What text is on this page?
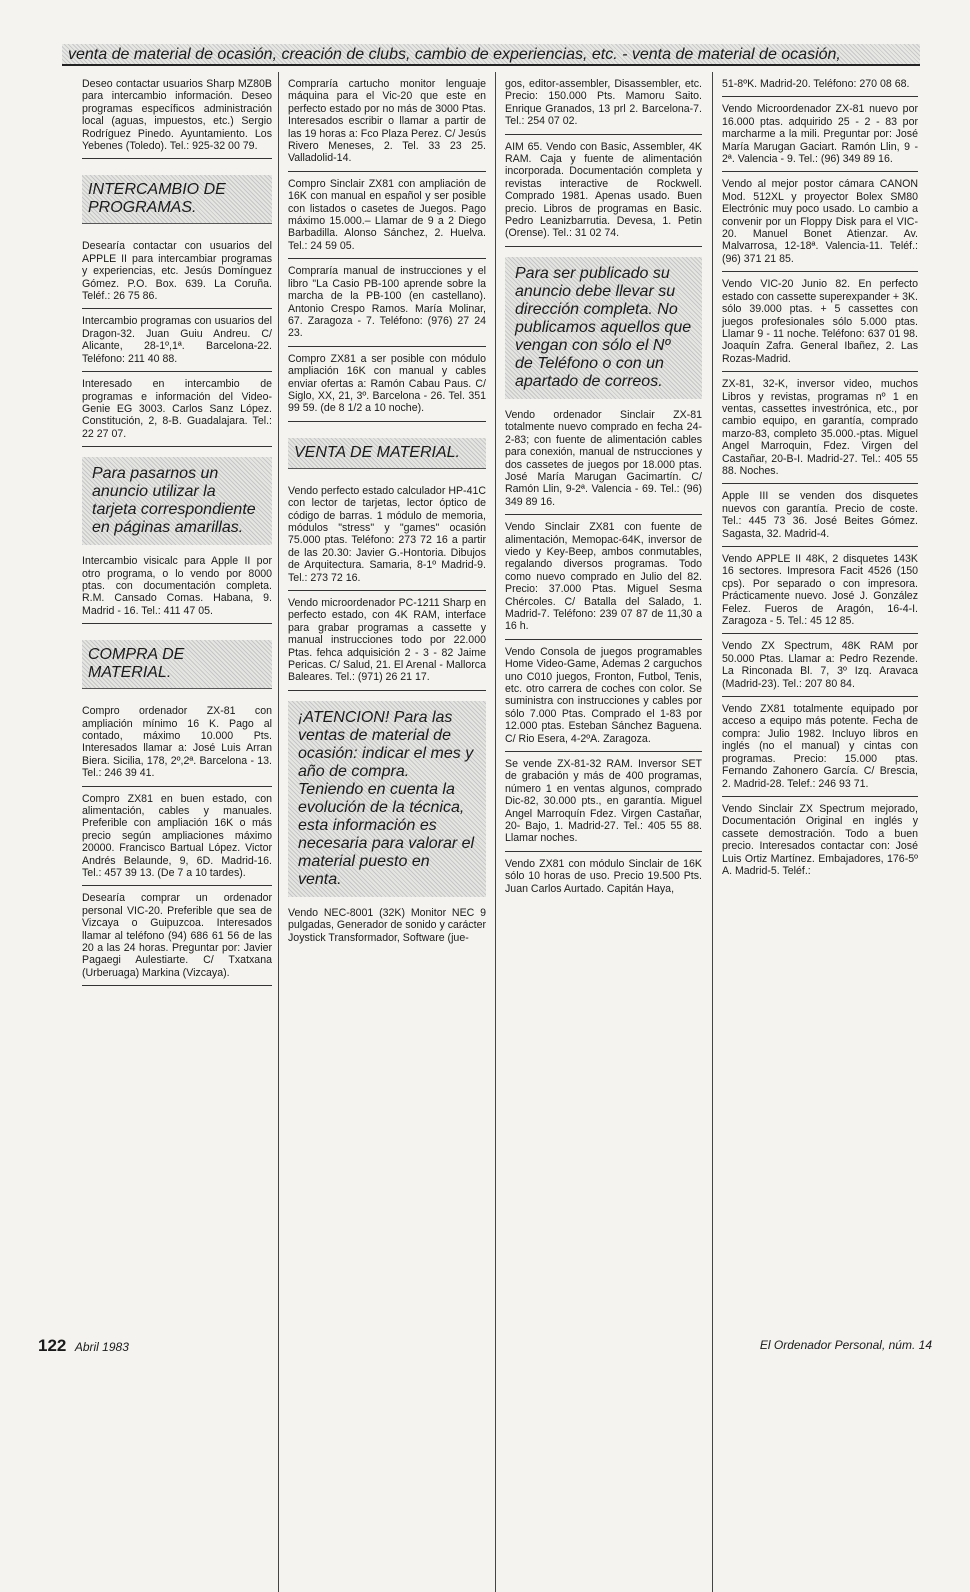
venta de material de ocasión, creación de clubs, cambio de experiencias, etc. - venta de material de ocasión,
Deseo contactar usuarios Sharp MZ80B para intercambio información. Deseo programas específicos administración local (aguas, impuestos, etc.) Sergio Rodríguez Pinedo. Ayuntamiento. Los Yebenes (Toledo). Tel.: 925-32 00 79.
INTERCAMBIO DE PROGRAMAS.
Desearía contactar con usuarios del APPLE II para intercambiar programas y experiencias, etc. Jesús Domínguez Gómez. P.O. Box. 639. La Coruña. Teléf.: 26 75 86.
Intercambio programas con usuarios del Dragon-32. Juan Guiu Andreu. C/ Alicante, 28-1º,1ª. Barcelona-22. Teléfono: 211 40 88.
Interesado en intercambio de programas e información del Video-Genie EG 3003. Carlos Sanz López. Constitución, 2, 8-B. Guadalajara. Tel.: 22 27 07.
Para pasarnos un anuncio utilizar la tarjeta correspondiente en páginas amarillas.
Intercambio visicalc para Apple II por otro programa, o lo vendo por 8000 ptas. con documentación completa. R.M. Cansado Comas. Habana, 9. Madrid - 16. Tel.: 411 47 05.
COMPRA DE MATERIAL.
Compro ordenador ZX-81 con ampliación mínimo 16 K. Pago al contado, máximo 10.000 Pts. Interesados llamar a: José Luis Arran Biera. Sicilia, 178, 2º,2ª. Barcelona - 13. Tel.: 246 39 41.
Compro ZX81 en buen estado, con alimentación, cables y manuales. Preferible con ampliación 16K o más precio según ampliaciones máximo 20000. Francisco Bartual López. Victor Andrés Belaunde, 9, 6D. Madrid-16. Tel.: 457 39 13. (De 7 a 10 tardes).
Desearía comprar un ordenador personal VIC-20. Preferible que sea de Vizcaya o Guipuzcoa. Interesados llamar al teléfono (94) 686 61 56 de las 20 a las 24 horas. Preguntar por: Javier Pagaegi Aulestiarte. C/ Txatxana (Urberuaga) Markina (Vizcaya).
Compraría cartucho monitor lenguaje máquina para el Vic-20 que este en perfecto estado por no más de 3000 Ptas. Interesados escribir o llamar a partir de las 19 horas a: Fco Plaza Perez. C/ Jesús Rivero Meneses, 2. Tel. 33 23 25. Valladolid-14.
Compro Sinclair ZX81 con ampliación de 16K con manual en español y ser posible con listados o casetes de Juegos. Pago máximo 15.000.– Llamar de 9 a 2 Diego Barbadilla. Alonso Sánchez, 2. Huelva. Tel.: 24 59 05.
Compraría manual de instrucciones y el libro "La Casio PB-100 aprende sobre la marcha de la PB-100 (en castellano). Antonio Crespo Ramos. María Molinar, 67. Zaragoza - 7. Teléfono: (976) 27 24 23.
Compro ZX81 a ser posible con módulo ampliación 16K con manual y cables enviar ofertas a: Ramón Cabau Paus. C/ Siglo, XX, 21, 3º. Barcelona - 26. Tel. 351 99 59. (de 8 1/2 a 10 noche).
VENTA DE MATERIAL.
Vendo perfecto estado calculador HP-41C con lector de tarjetas, lector óptico de código de barras. 1 módulo de memoria, módulos "stress" y "games" ocasión 75.000 ptas. Teléfono: 273 72 16 a partir de las 20.30: Javier G.-Hontoria. Dibujos de Arquitectura. Samaria, 8-1º Madrid-9. Tel.: 273 72 16.
Vendo microordenador PC-1211 Sharp en perfecto estado, con 4K RAM, interface para grabar programas a cassette y manual instrucciones todo por 22.000 Ptas. fehca adquisición 2 - 3 - 82 Jaime Pericas. C/ Salud, 21. El Arenal - Mallorca Baleares. Tel.: (971) 26 21 17.
¡ATENCION! Para las ventas de material de ocasión: indicar el mes y año de compra. Teniendo en cuenta la evolución de la técnica, esta información es necesaria para valorar el material puesto en venta.
Vendo NEC-8001 (32K) Monitor NEC 9 pulgadas, Generador de sonido y carácter Joystick Transformador, Software (jue-
gos, editor-assembler, Disassembler, etc. Precio: 150.000 Pts. Mamoru Saito. Enrique Granados, 13 prl 2. Barcelona-7. Tel.: 254 07 02.
AIM 65. Vendo con Basic, Assembler, 4K RAM. Caja y fuente de alimentación incorporada. Documentación completa y revistas interactive de Rockwell. Comprado 1981. Apenas usado. Buen precio. Libros de programas en Basic. Pedro Leanizbarrutia. Devesa, 1. Petin (Orense). Tel.: 31 02 74.
Para ser publicado su anuncio debe llevar su dirección completa. No publicamos aquellos que vengan con sólo el Nº de Teléfono o con un apartado de correos.
Vendo ordenador Sinclair ZX-81 totalmente nuevo comprado en fecha 24-2-83; con fuente de alimentación cables para conexión, manual de nstrucciones y dos cassetes de juegos por 18.000 ptas. José María Marugan Gacimartín. C/ Ramón Llin, 9-2ª. Valencia - 69. Tel.: (96) 349 89 16.
Vendo Sinclair ZX81 con fuente de alimentación, Memopac-64K, inversor de viedo y Key-Beep, ambos conmutables, regalando diversos programas. Todo como nuevo comprado en Julio del 82. Precio: 37.000 Ptas. Miguel Sesma Chércoles. C/ Batalla del Salado, 1. Madrid-7. Teléfono: 239 07 87 de 11,30 a 16 h.
Vendo Consola de juegos programables Home Video-Game, Ademas 2 carguchos uno C010 juegos, Fronton, Futbol, Tenis, etc. otro carrera de coches con color. Se suministra con instrucciones y cables por sólo 7.000 Ptas. Comprado el 1-83 por 12.000 ptas. Esteban Sánchez Baguena. C/ Rio Esera, 4-2ºA. Zaragoza.
Se vende ZX-81-32 RAM. Inversor SET de grabación y más de 400 programas, número 1 en ventas algunos, comprado Dic-82, 30.000 pts., en garantía. Miguel Angel Marroquín Fdez. Virgen Castañar, 20- Bajo, 1. Madrid-27. Tel.: 405 55 88. Llamar noches.
Vendo ZX81 con módulo Sinclair de 16K sólo 10 horas de uso. Precio 19.500 Pts. Juan Carlos Aurtado. Capitán Haya,
51-8ºK. Madrid-20. Teléfono: 270 08 68.
Vendo Microordenador ZX-81 nuevo por 16.000 ptas. adquirido 25 - 2 - 83 por marcharme a la mili. Preguntar por: José María Marugan Gaciart. Ramón Llin, 9 - 2ª. Valencia - 9. Tel.: (96) 349 89 16.
Vendo al mejor postor cámara CANON Mod. 512XL y proyector Bolex SM80 Electrónic muy poco usado. Lo cambio a convenir por un Floppy Disk para el VIC-20. Manuel Bonet Atienzar. Av. Malvarrosa, 12-18ª. Valencia-11. Teléf.: (96) 371 21 85.
Vendo VIC-20 Junio 82. En perfecto estado con cassette superexpander + 3K. sólo 39.000 ptas. + 5 cassettes con juegos profesionales sólo 5.000 ptas. Llamar 9 - 11 noche. Teléfono: 637 01 98. Joaquín Zafra. General Ibañez, 2. Las Rozas-Madrid.
ZX-81, 32-K, inversor video, muchos Libros y revistas, programas nº 1 en ventas, cassettes investrónica, etc., por cambio equipo, en garantía, comprado marzo-83, completo 35.000.-ptas. Miguel Angel Marroquin, Fdez. Virgen del Castañar, 20-B-I. Madrid-27. Tel.: 405 55 88. Noches.
Apple III se venden dos disquetes nuevos con garantía. Precio de coste. Tel.: 445 73 36. José Beites Gómez. Sagasta, 32. Madrid-4.
Vendo APPLE II 48K, 2 disquetes 143K 16 sectores. Impresora Facit 4526 (150 cps). Por separado o con impresora. Prácticamente nuevo. José J. González Felez. Fueros de Aragón, 16-4-I. Zaragoza - 5. Tel.: 45 12 85.
Vendo ZX Spectrum, 48K RAM por 50.000 Ptas. Llamar a: Pedro Rezende. La Rinconada Bl. 7, 3º Izq. Aravaca (Madrid-23). Tel.: 207 80 84.
Vendo ZX81 totalmente equipado por acceso a equipo más potente. Fecha de compra: Julio 1982. Incluyo libros en inglés (no el manual) y cintas con programas. Precio: 15.000 ptas. Fernando Zahonero García. C/ Brescia, 2. Madrid-28. Telef.: 246 93 71.
Vendo Sinclair ZX Spectrum mejorado, Documentación Original en inglés y cassete demostración. Todo a buen precio. Interesados contactar con: José Luis Ortiz Martínez. Embajadores, 176-5º A. Madrid-5. Teléf.:
122 Abril 1983	El Ordenador Personal, núm. 14
